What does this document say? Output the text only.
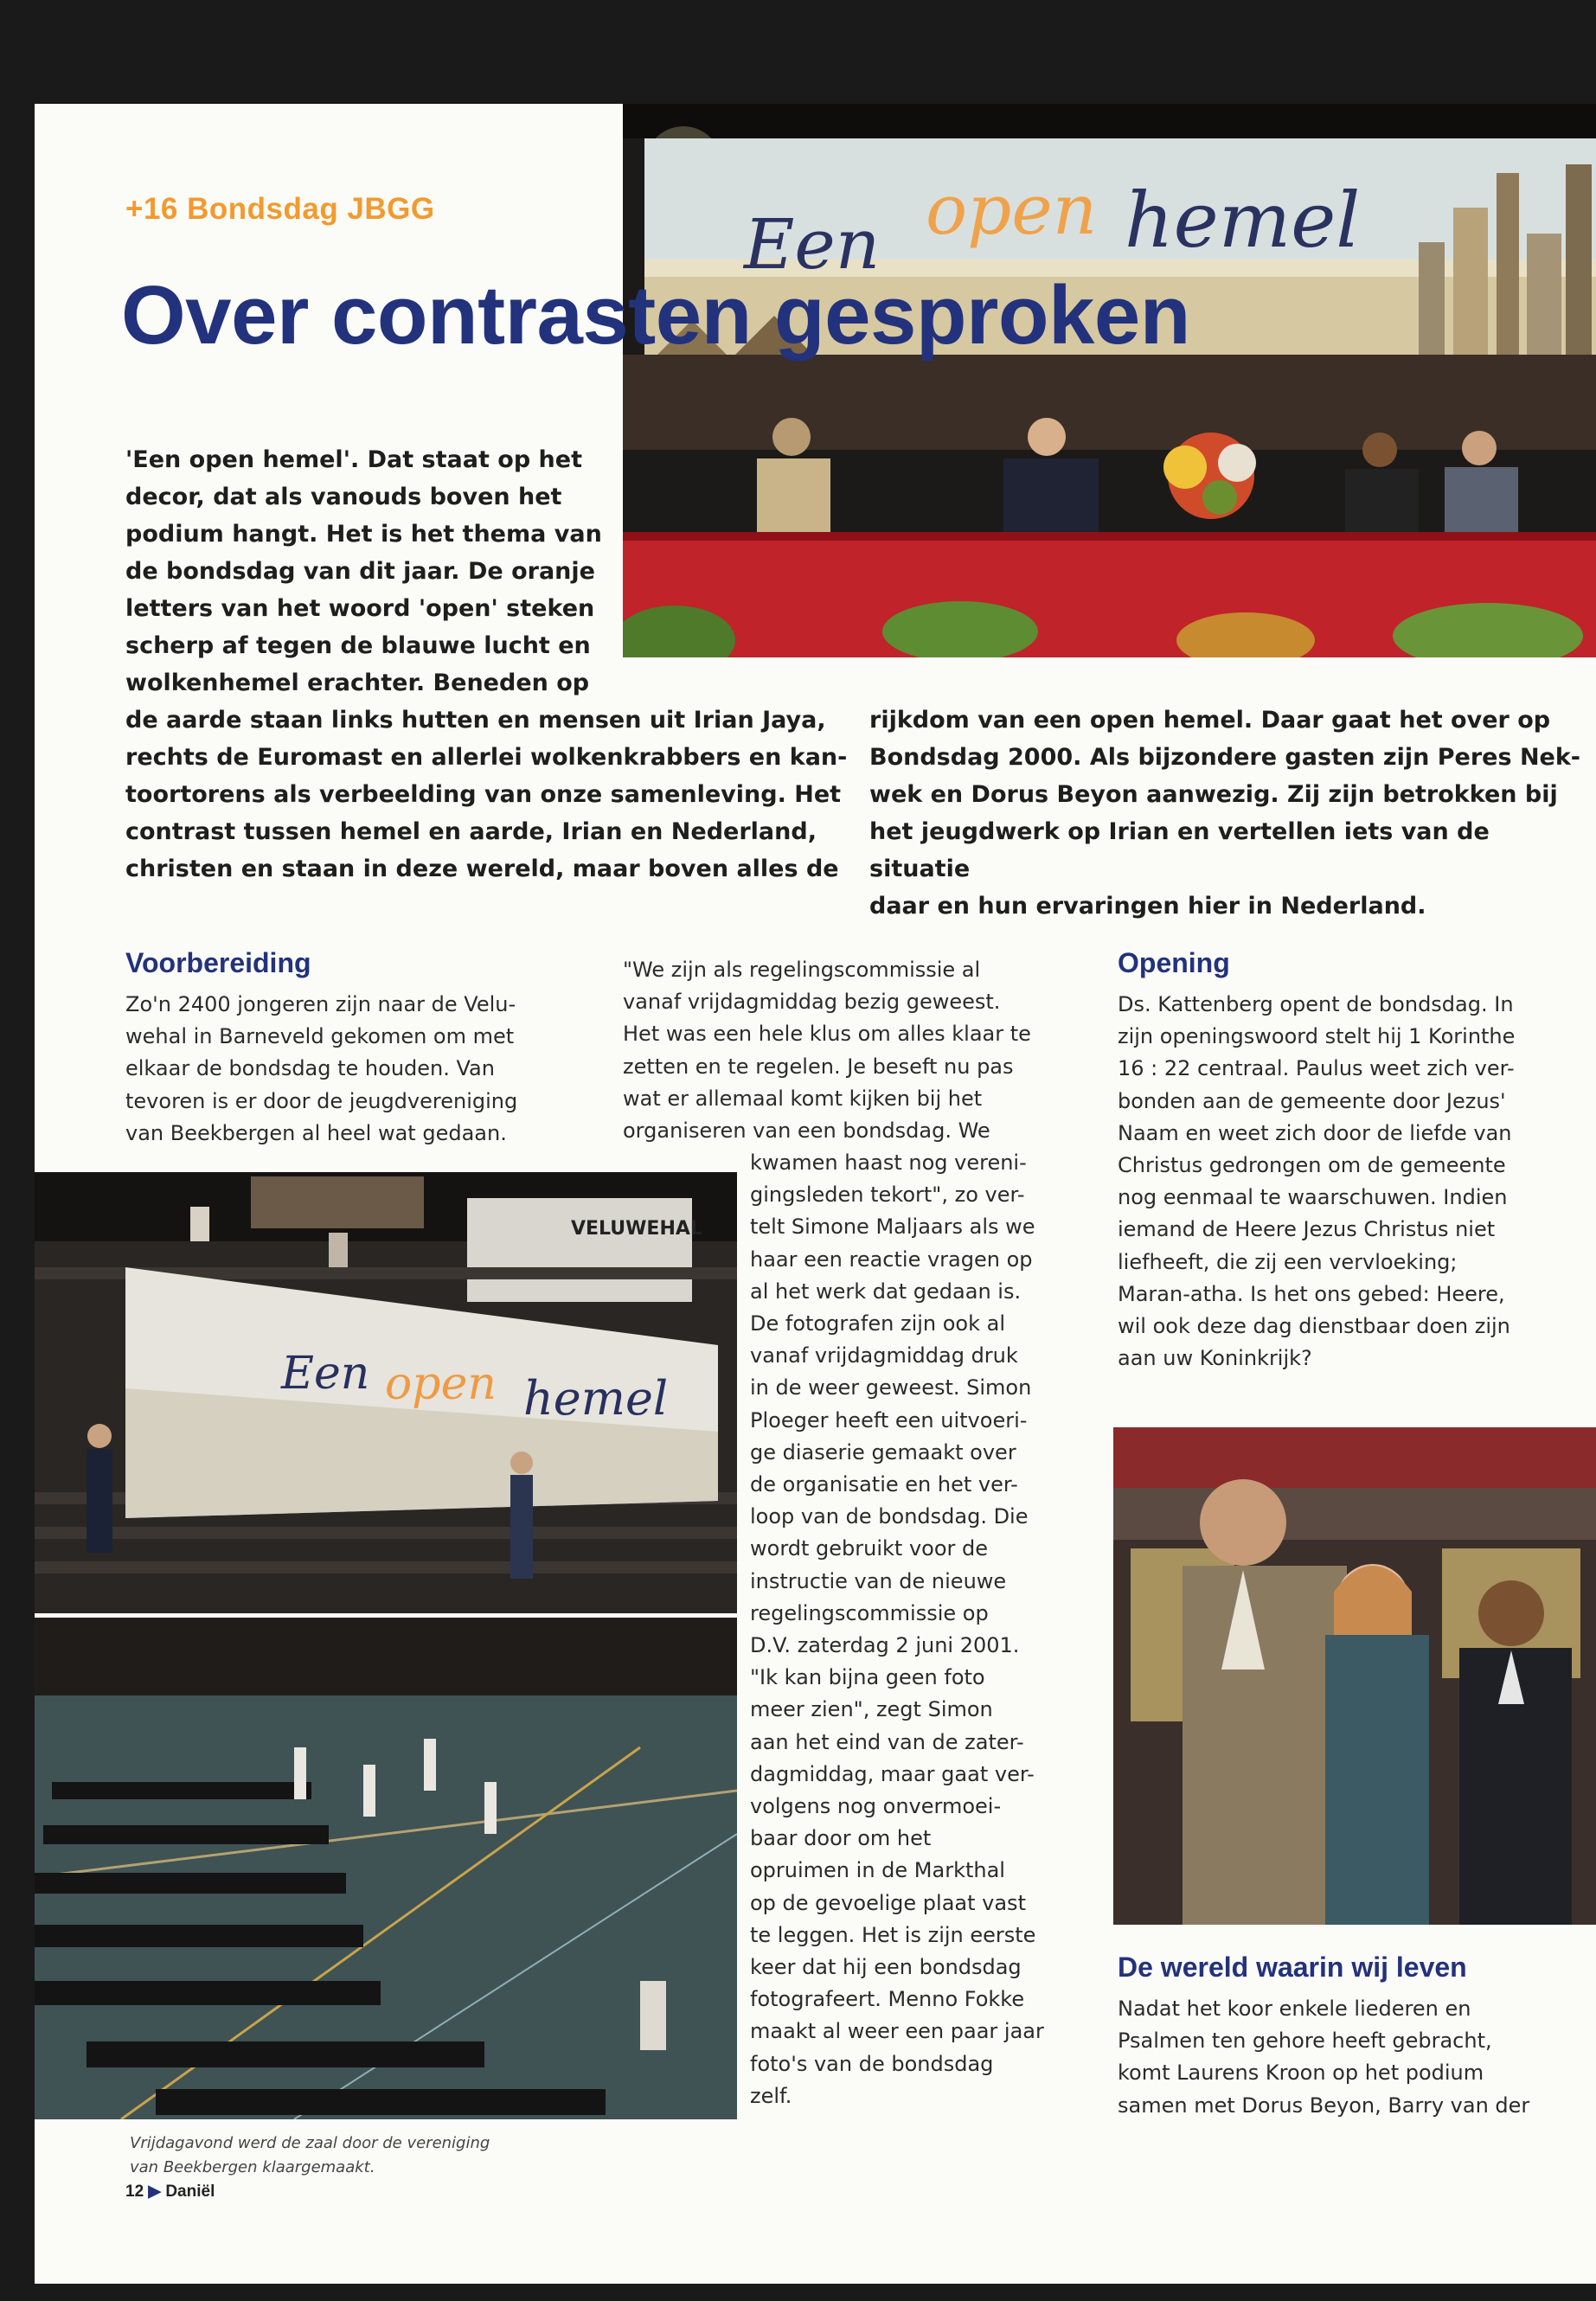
Een open hemel
+16 Bondsdag JBGG
Over contrasten gesproken

'Een open hemel'. Dat staat op het

decor, dat als vanouds boven het

podium hangt. Het is het thema van

de bondsdag van dit jaar. De oranje

letters van het woord 'open' steken

scherp af tegen de blauwe lucht en

wolkenhemel erachter. Beneden op

de aarde staan links hutten en mensen uit Irian Jaya,

rechts de Euromast en allerlei wolkenkrabbers en kan-

toortorens als verbeelding van onze samenleving. Het

contrast tussen hemel en aarde, Irian en Nederland,

christen en staan in deze wereld, maar boven alles de

rijkdom van een open hemel. Daar gaat het over op

Bondsdag 2000. Als bijzondere gasten zijn Peres Nek-

wek en Dorus Beyon aanwezig. Zij zijn betrokken bij

het jeugdwerk op Irian en vertellen iets van de situatie

daar en hun ervaringen hier in Nederland.

Voorbereiding
Zo'n 2400 jongeren zijn naar de Velu-
wehal in Barneveld gekomen om met
elkaar de bondsdag te houden. Van
tevoren is er door de jeugdvereniging
van Beekbergen al heel wat gedaan.
"We zijn als regelingscommissie al
vanaf vrijdagmiddag bezig geweest.
Het was een hele klus om alles klaar te
zetten en te regelen. Je beseft nu pas
wat er allemaal komt kijken bij het
organiseren van een bondsdag. We
kwamen haast nog vereni-
gingsleden tekort", zo ver-
telt Simone Maljaars als we
haar een reactie vragen op
al het werk dat gedaan is.
De fotografen zijn ook al
vanaf vrijdagmiddag druk
in de weer geweest. Simon
Ploeger heeft een uitvoeri-
ge diaserie gemaakt over
de organisatie en het ver-
loop van de bondsdag. Die
wordt gebruikt voor de
instructie van de nieuwe
regelingscommissie op
D.V. zaterdag 2 juni 2001.
"Ik kan bijna geen foto
meer zien", zegt Simon
aan het eind van de zater-
dagmiddag, maar gaat ver-
volgens nog onvermoei-
baar door om het
opruimen in de Markthal
op de gevoelige plaat vast
te leggen. Het is zijn eerste
keer dat hij een bondsdag
fotografeert. Menno Fokke
maakt al weer een paar jaar
foto's van de bondsdag
zelf.
VELUWEHAL
Een open hemel
Vrijdagavond werd de zaal door de vereniging
van Beekbergen klaargemaakt.
12 ▶ Daniël
Opening
Ds. Kattenberg opent de bondsdag. In
zijn openingswoord stelt hij 1 Korinthe
16 : 22 centraal. Paulus weet zich ver-
bonden aan de gemeente door Jezus'
Naam en weet zich door de liefde van
Christus gedrongen om de gemeente
nog eenmaal te waarschuwen. Indien
iemand de Heere Jezus Christus niet
liefheeft, die zij een vervloeking;
Maran-atha. Is het ons gebed: Heere,
wil ook deze dag dienstbaar doen zijn
aan uw Koninkrijk?
De wereld waarin wij leven
Nadat het koor enkele liederen en
Psalmen ten gehore heeft gebracht,
komt Laurens Kroon op het podium
samen met Dorus Beyon, Barry van der
